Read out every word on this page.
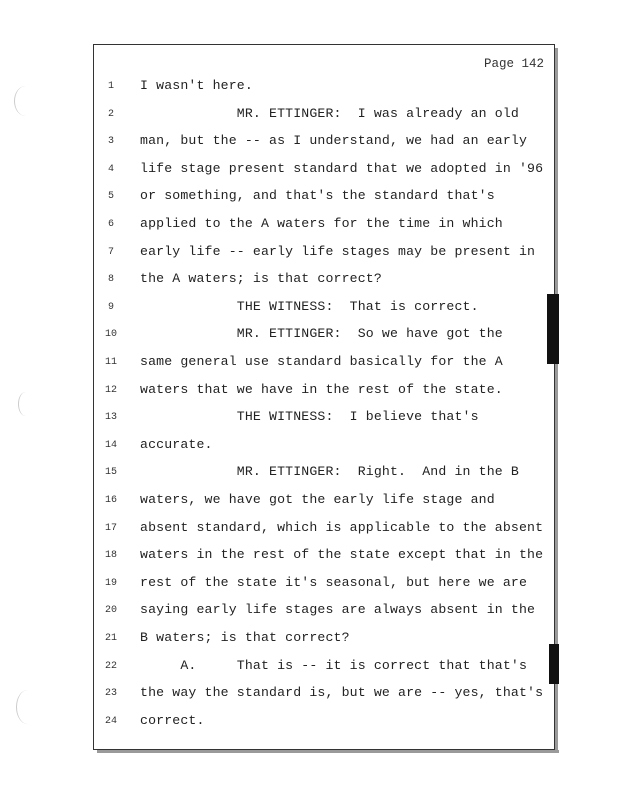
Page 142
1	I wasn't here.
2	MR. ETTINGER:  I was already an old
3	man, but the -- as I understand, we had an early
4	life stage present standard that we adopted in '96
5	or something, and that's the standard that's
6	applied to the A waters for the time in which
7	early life -- early life stages may be present in
8	the A waters; is that correct?
9	THE WITNESS:  That is correct.
10	MR. ETTINGER:  So we have got the
11	same general use standard basically for the A
12	waters that we have in the rest of the state.
13	THE WITNESS:  I believe that's
14	accurate.
15	MR. ETTINGER:  Right.  And in the B
16	waters, we have got the early life stage and
17	absent standard, which is applicable to the absent
18	waters in the rest of the state except that in the
19	rest of the state it's seasonal, but here we are
20	saying early life stages are always absent in the
21	B waters; is that correct?
22	A.     That is -- it is correct that that's
23	the way the standard is, but we are -- yes, that's
24	correct.
